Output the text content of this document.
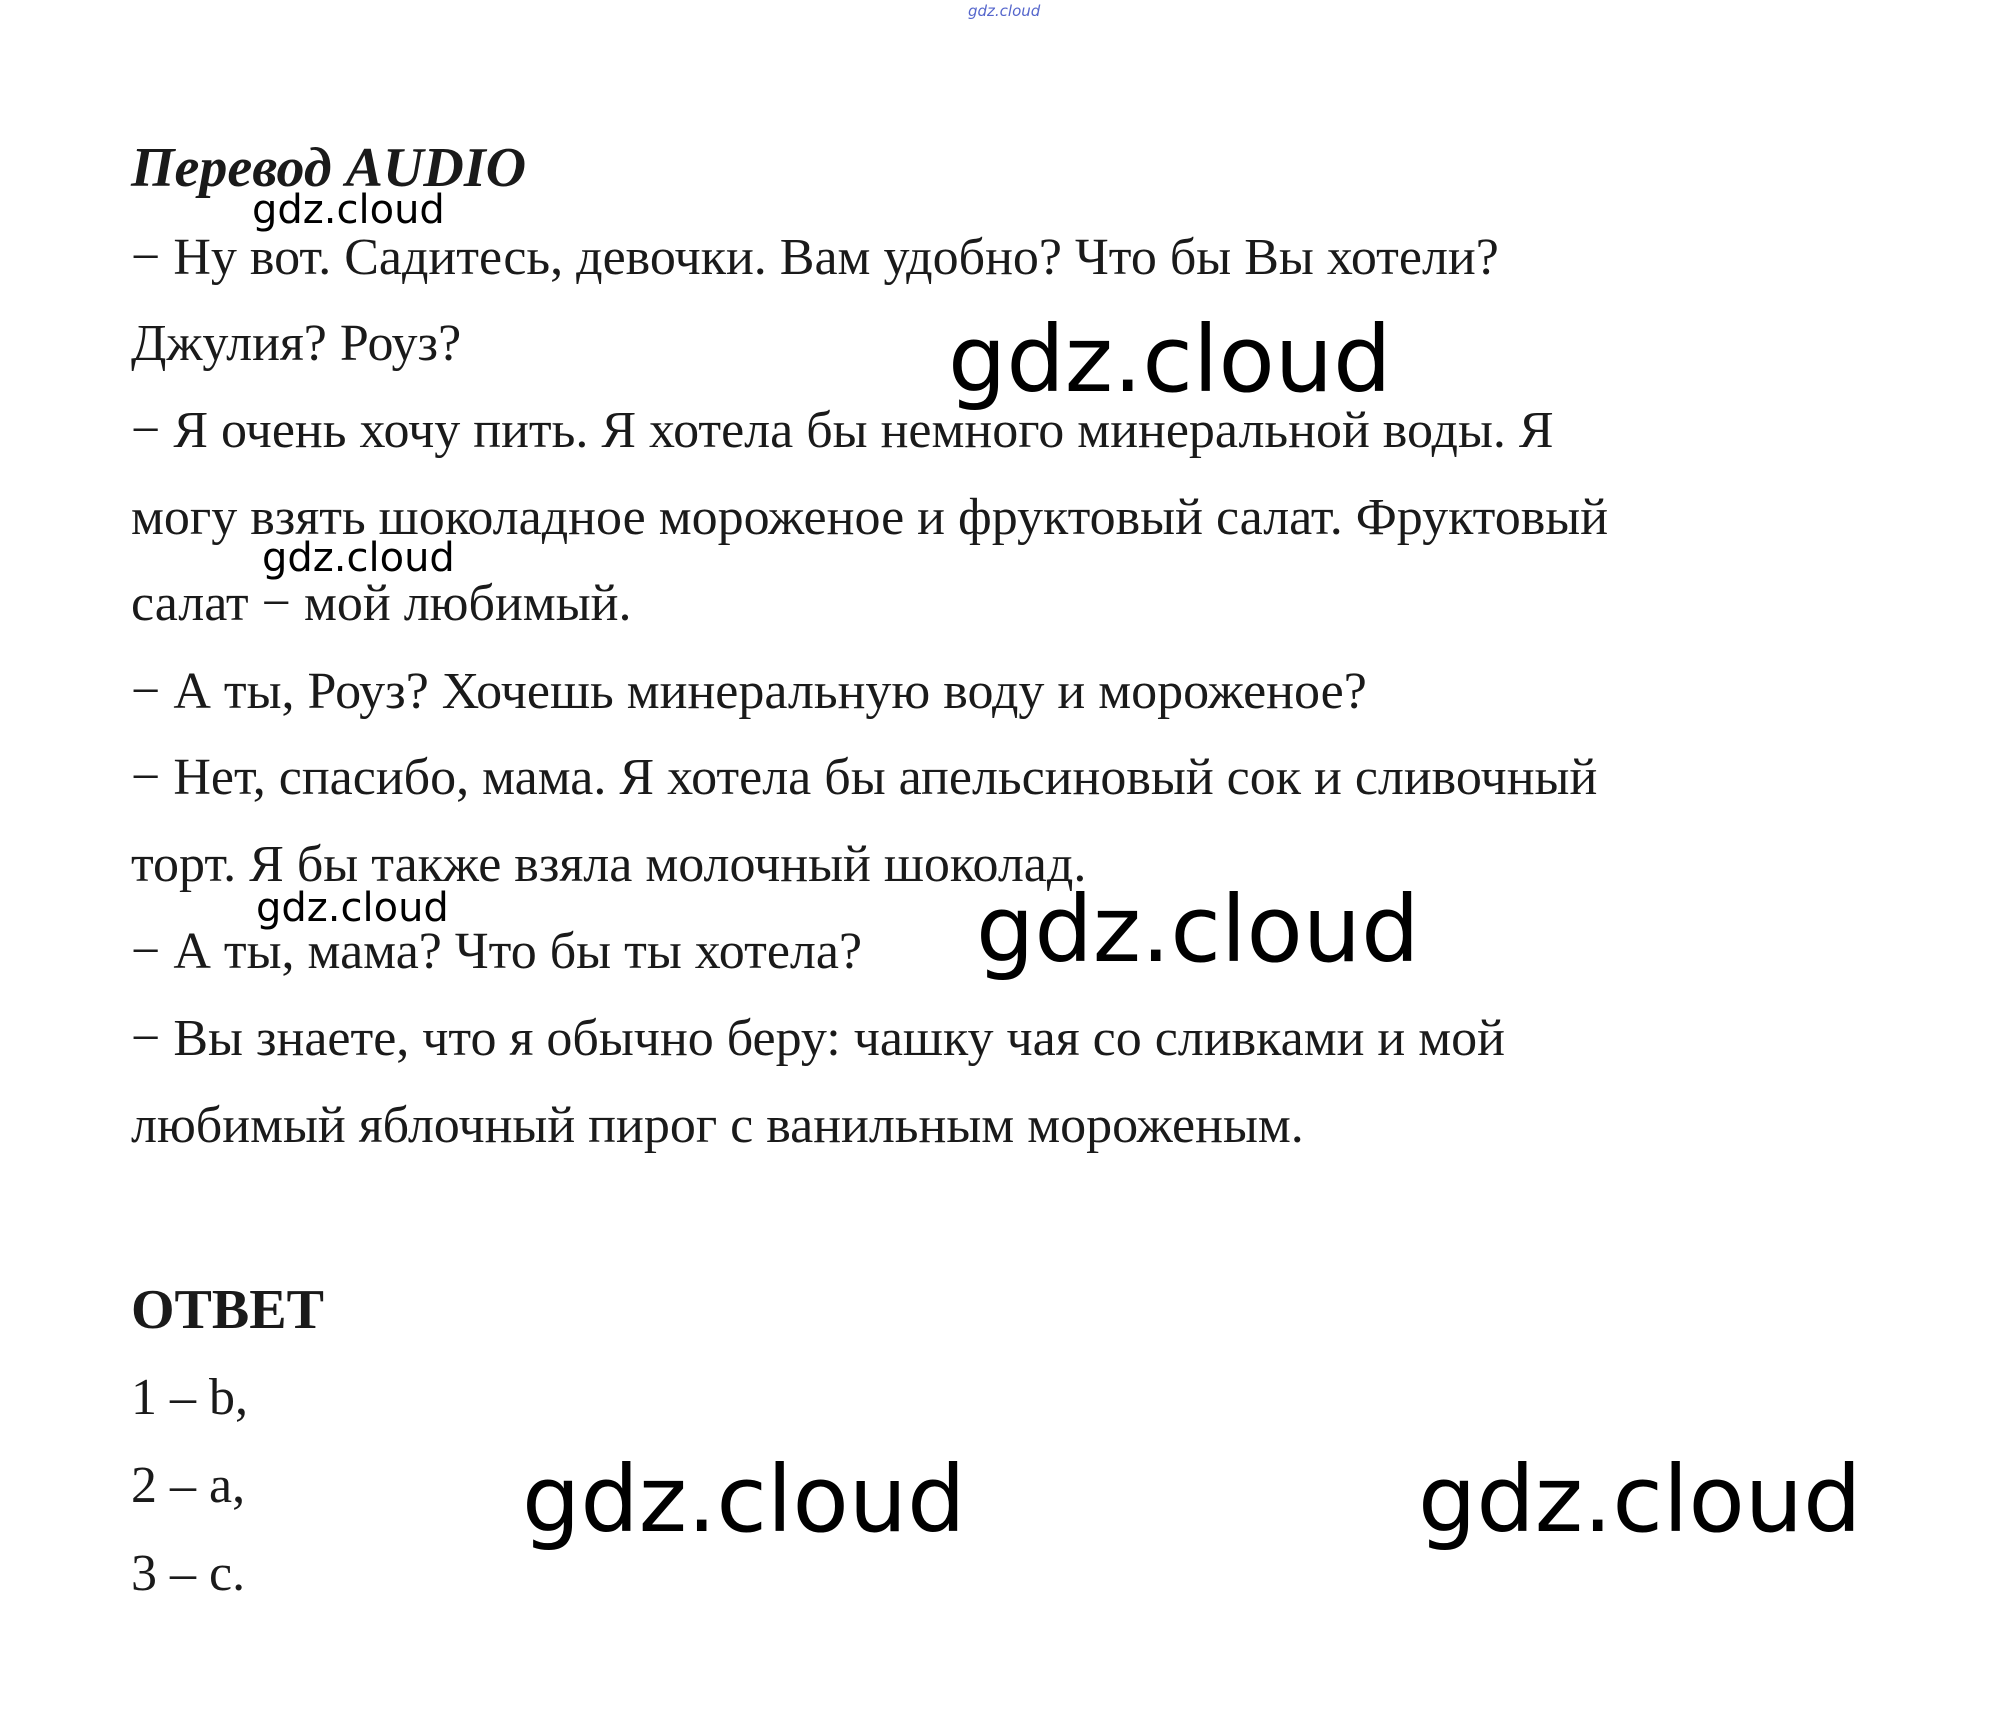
gdz.cloud
Перевод AUDIO
− Ну вот. Садитесь, девочки. Вам удобно? Что бы Вы хотели?
Джулия? Роуз?
− Я очень хочу пить. Я хотела бы немного минеральной воды. Я
могу взять шоколадное мороженое и фруктовый салат. Фруктовый
салат − мой любимый.
− А ты, Роуз? Хочешь минеральную воду и мороженое?
− Нет, спасибо, мама. Я хотела бы апельсиновый сок и сливочный
торт. Я бы также взяла молочный шоколад.
− А ты, мама? Что бы ты хотела?
− Вы знаете, что я обычно беру: чашку чая со сливками и мой
любимый яблочный пирог с ванильным мороженым.
ОТВЕТ
1 – b,
2 – a,
3 – c.
gdz.cloud
gdz.cloud
gdz.cloud
gdz.cloud	gdz.cloud
gdz.cloud	gdz.cloud
